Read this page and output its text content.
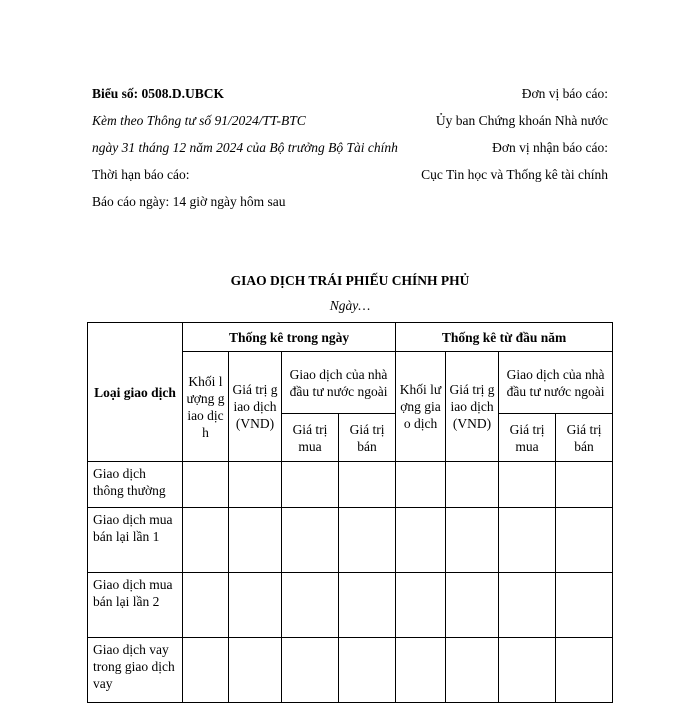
Biểu số: 0508.D.UBCK

Kèm theo Thông tư số 91/2024/TT-BTC

ngày 31 tháng 12 năm 2024 của Bộ trưởng Bộ Tài chính

Thời hạn báo cáo:

Báo cáo ngày: 14 giờ ngày hôm sau

Đơn vị báo cáo:
Ủy ban Chứng khoán Nhà nước
Đơn vị nhận báo cáo:
Cục Tin học và Thống kê tài chính
GIAO DỊCH TRÁI PHIẾU CHÍNH PHỦ
Ngày…
Loại giao dịch	Thống kê trong ngày				Thống kê từ đầu năm			
	Khối lượng giao dịch	Giá trị giao dịch (VND)	Giao dịch của nhà đầu tư nước ngoài		Khối lượng giao dịch	Giá trị giao dịch (VND)	Giao dịch của nhà đầu tư nước ngoài	
			Giá trị mua	Giá trị bán			Giá trị mua	Giá trị bán
Giao dịch thông thường								
Giao dịch mua bán lại lần 1								
Giao dịch mua bán lại lần 2								
Giao dịch vay trong giao dịch vay								
